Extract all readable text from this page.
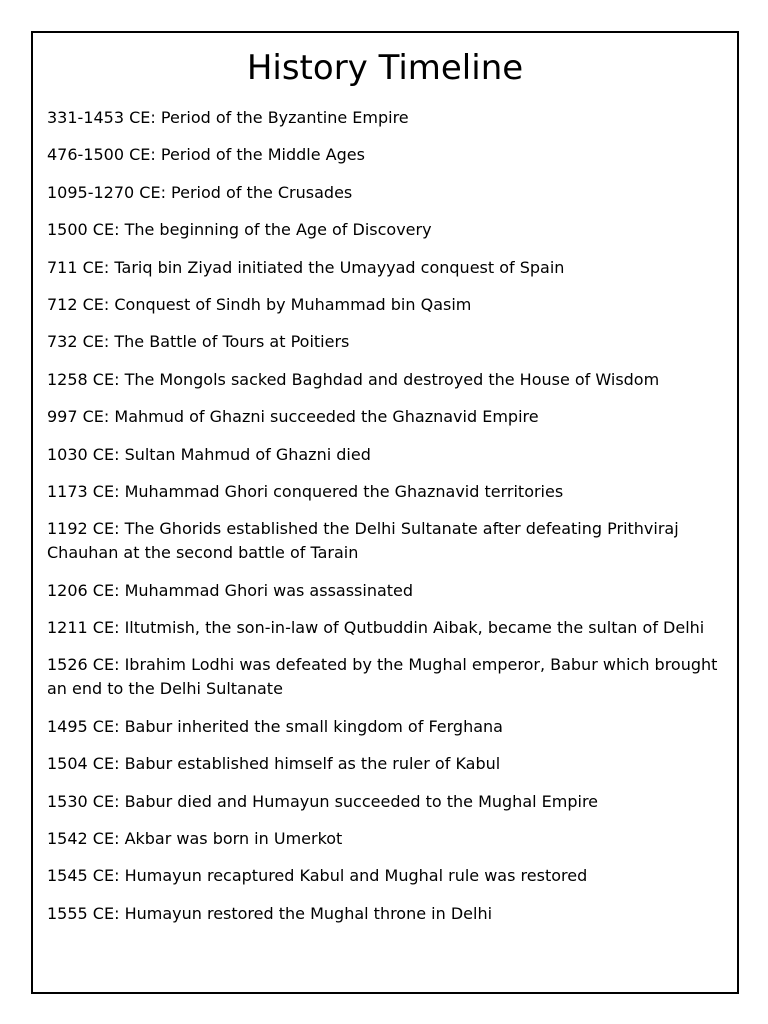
History Timeline
331-1453 CE: Period of the Byzantine Empire
476-1500 CE: Period of the Middle Ages
1095-1270 CE: Period of the Crusades
1500 CE: The beginning of the Age of Discovery
711 CE: Tariq bin Ziyad initiated the Umayyad conquest of Spain
712 CE: Conquest of Sindh by Muhammad bin Qasim
732 CE: The Battle of Tours at Poitiers
1258 CE: The Mongols sacked Baghdad and destroyed the House of Wisdom
997 CE: Mahmud of Ghazni succeeded the Ghaznavid Empire
1030 CE: Sultan Mahmud of Ghazni died
1173 CE: Muhammad Ghori conquered the Ghaznavid territories
1192 CE: The Ghorids established the Delhi Sultanate after defeating Prithviraj Chauhan at the second battle of Tarain
1206 CE: Muhammad Ghori was assassinated
1211 CE: Iltutmish, the son-in-law of Qutbuddin Aibak, became the sultan of Delhi
1526 CE: Ibrahim Lodhi was defeated by the Mughal emperor, Babur which brought an end to the Delhi Sultanate
1495 CE: Babur inherited the small kingdom of Ferghana
1504 CE: Babur established himself as the ruler of Kabul
1530 CE: Babur died and Humayun succeeded to the Mughal Empire
1542 CE: Akbar was born in Umerkot
1545 CE: Humayun recaptured Kabul and Mughal rule was restored
1555 CE: Humayun restored the Mughal throne in Delhi
